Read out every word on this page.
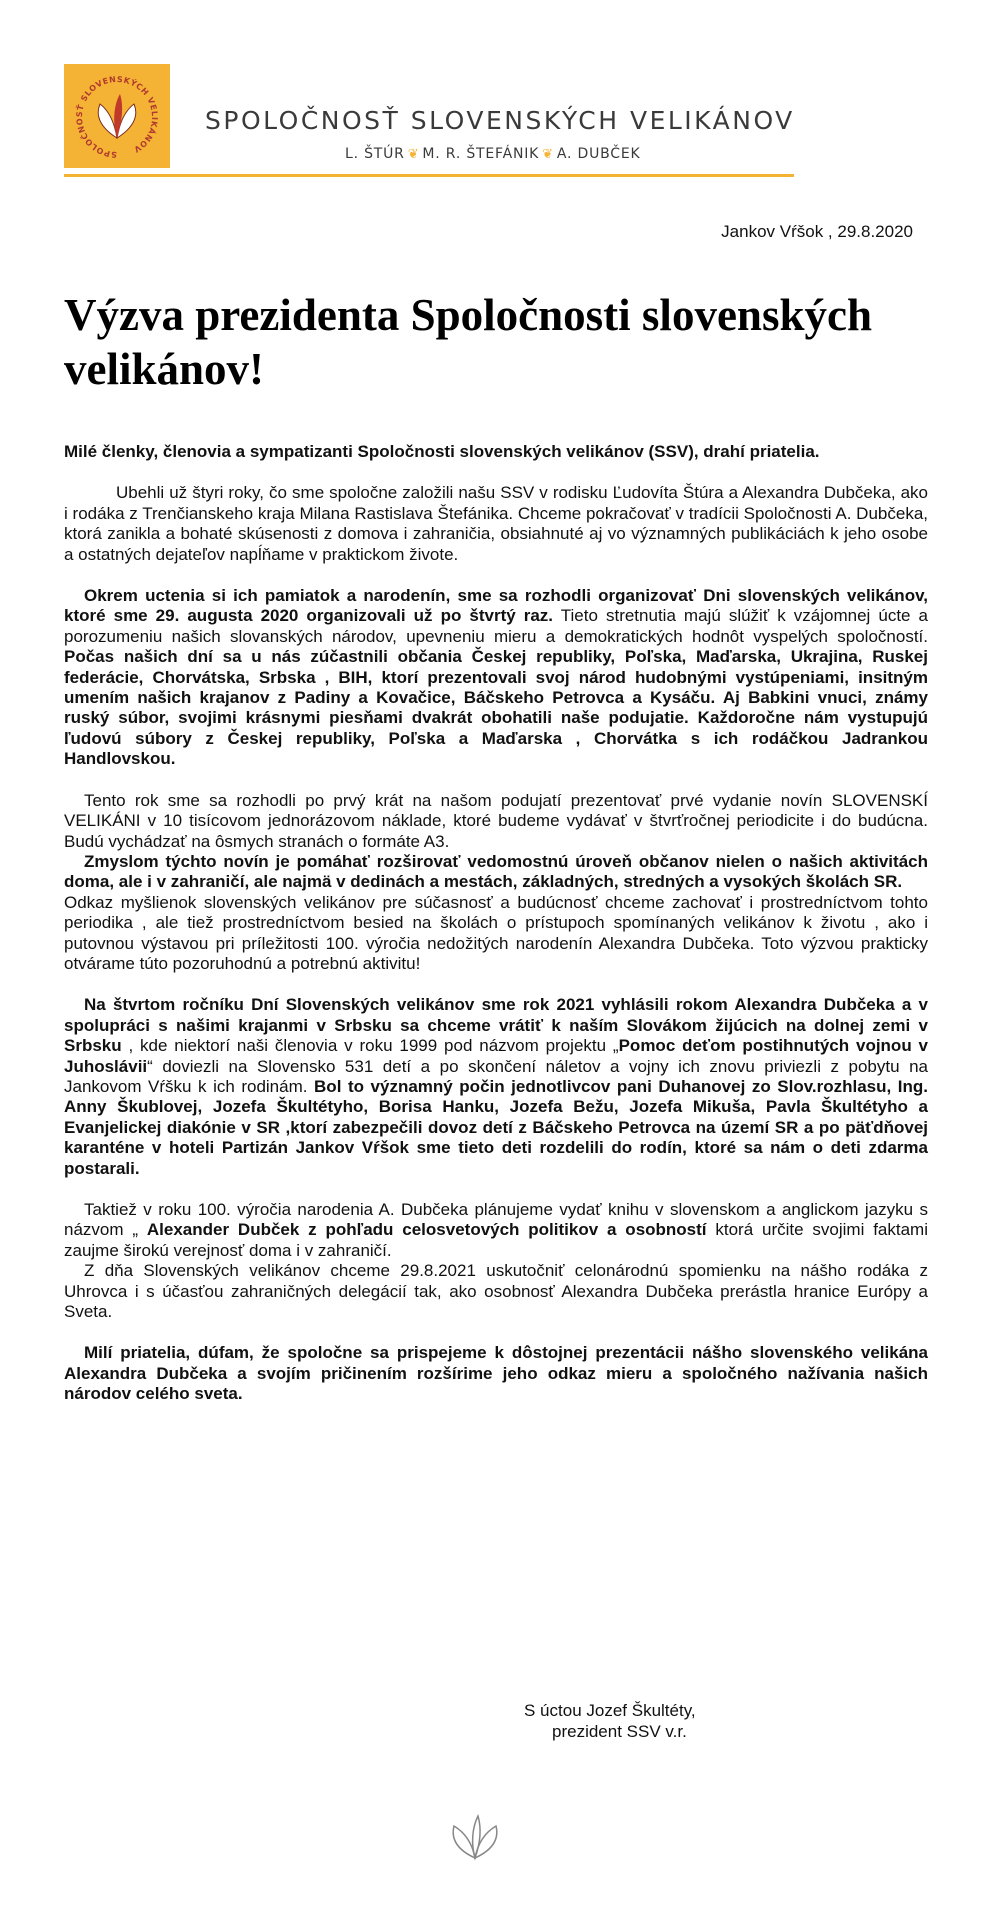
SPOLOČNOSŤ SLOVENSKÝCH VELIKÁNOV
SPOLOČNOSŤ SLOVENSKÝCH VELIKÁNOV
L. ŠTÚR ❦ M. R. ŠTEFÁNIK ❦ A. DUBČEK
Jankov Vŕšok , 29.8.2020
Výzva prezidenta Spoločnosti slovenských velikánov!

Milé členky, členovia a sympatizanti Spoločnosti slovenských velikánov (SSV), drahí priatelia.

Ubehli už štyri roky, čo sme spoločne založili našu SSV v rodisku Ľudovíta Štúra a Alexandra Dubčeka, ako i rodáka z Trenčianskeho kraja Milana Rastislava Štefánika. Chceme pokračovať v tradícii Spoločnosti A. Dubčeka, ktorá zanikla a bohaté skúsenosti z domova i zahraničia, obsiahnuté aj vo významných publikáciách k jeho osobe a ostatných dejateľov napĺňame v praktickom živote.

Okrem uctenia si ich pamiatok a narodenín, sme sa rozhodli organizovať Dni slovenských velikánov, ktoré sme 29. augusta 2020 organizovali už po štvrtý raz. Tieto stretnutia majú slúžiť k vzájomnej úcte a porozumeniu našich slovanských národov, upevneniu mieru a demokratických hodnôt vyspelých spoločností. Počas našich dní sa u nás zúčastnili občania Českej republiky, Poľska, Maďarska, Ukrajina, Ruskej federácie, Chorvátska, Srbska , BIH, ktorí prezentovali svoj národ hudobnými vystúpeniami, insitným umením našich krajanov z Padiny a Kovačice, Báčskeho Petrovca a Kysáču. Aj Babkini vnuci, známy ruský súbor, svojimi krásnymi piesňami dvakrát obohatili naše podujatie. Každoročne nám vystupujú ľudovú súbory z Českej republiky, Poľska a Maďarska , Chorvátka s ich rodáčkou Jadrankou Handlovskou.

Tento rok sme sa rozhodli po prvý krát na našom podujatí prezentovať prvé vydanie novín SLOVENSKÍ VELIKÁNI v 10 tisícovom jednorázovom náklade, ktoré budeme vydávať v štvrťročnej periodicite i do budúcna. Budú vychádzať na ôsmych stranách o formáte A3.

Zmyslom týchto novín je pomáhať rozširovať vedomostnú úroveň občanov nielen o našich aktivitách doma, ale i v zahraničí, ale najmä v dedinách a mestách, základných, stredných a vysokých školách SR.

Odkaz myšlienok slovenských velikánov pre súčasnosť a budúcnosť chceme zachovať i prostredníctvom tohto periodika , ale tiež prostredníctvom besied na školách o prístupoch spomínaných velikánov k životu , ako i putovnou výstavou pri príležitosti 100. výročia nedožitých narodenín Alexandra Dubčeka. Toto výzvou prakticky otvárame túto pozoruhodnú a potrebnú aktivitu!

Na štvrtom ročníku Dní Slovenských velikánov sme rok 2021 vyhlásili rokom Alexandra Dubčeka a v spolupráci s našimi krajanmi v Srbsku sa chceme vrátiť k naším Slovákom žijúcich na dolnej zemi v Srbsku , kde niektorí naši členovia v roku 1999 pod názvom projektu „Pomoc deťom postihnutých vojnou v Juhoslávii“ doviezli na Slovensko 531 detí a po skončení náletov a vojny ich znovu priviezli z pobytu na Jankovom Vŕšku k ich rodinám. Bol to významný počin jednotlivcov pani Duhanovej zo Slov.rozhlasu, Ing. Anny Škublovej, Jozefa Škultétyho, Borisa Hanku, Jozefa Bežu, Jozefa Mikuša, Pavla Škultétyho a Evanjelickej diakónie v SR ,ktorí zabezpečili dovoz detí z Báčskeho Petrovca na území SR a po päťdňovej karanténe v hoteli Partizán Jankov Vŕšok sme tieto deti rozdelili do rodín, ktoré sa nám o deti zdarma postarali.

Taktiež v roku 100. výročia narodenia A. Dubčeka plánujeme vydať knihu v slovenskom a anglickom jazyku s názvom „ Alexander Dubček z pohľadu celosvetových politikov a osobností ktorá určite svojimi faktami zaujme širokú verejnosť doma i v zahraničí.

Z dňa Slovenských velikánov chceme 29.8.2021 uskutočniť celonárodnú spomienku na nášho rodáka z Uhrovca i s účasťou zahraničných delegácií tak, ako osobnosť Alexandra Dubčeka prerástla hranice Európy a Sveta.

Milí priatelia, dúfam, že spoločne sa prispejeme k dôstojnej prezentácii nášho slovenského velikána Alexandra Dubčeka a svojím pričinením rozšírime jeho odkaz mieru a spoločného nažívania našich národov celého sveta.

S úctou Jozef Škultéty,
prezident SSV v.r.
